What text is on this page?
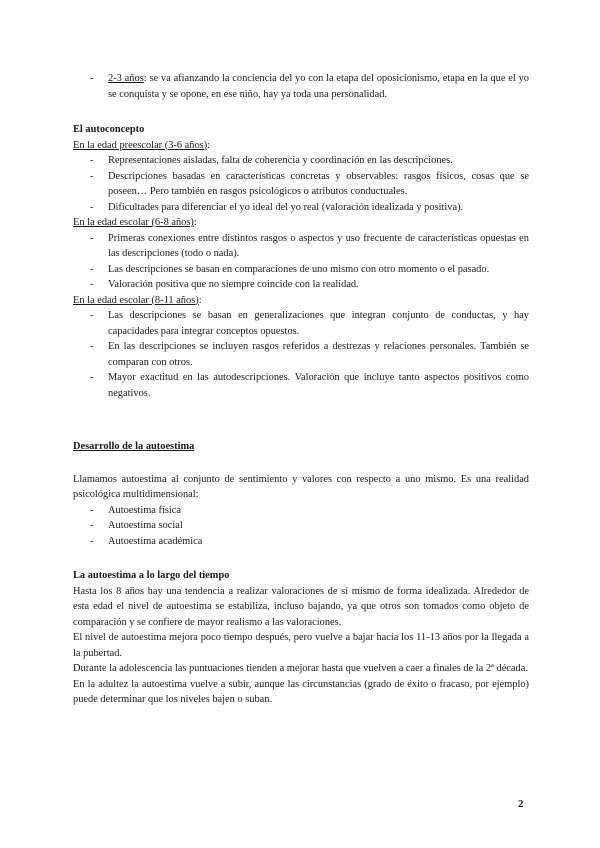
- 2-3 años: se va afianzando la conciencia del yo con la etapa del oposicionismo, etapa en la que el yo se conquista y se opone, en ese niño, hay ya toda una personalidad.
El autoconcepto
En la edad preescolar (3-6 años):
- Representaciones aisladas, falta de coherencia y coordinación en las descripciones.
- Descripciones basadas en características concretas y observables: rasgos físicos, cosas que se poseen… Pero también en rasgos psicológicos o atributos conductuales.
- Dificultades para diferenciar el yo ideal del yo real (valoración idealizada y positiva).
En la edad escolar (6-8 años):
- Primeras conexiones entre distintos rasgos o aspectos y uso frecuente de características opuestas en las descripciones (todo o nada).
- Las descripciones se basan en comparaciones de uno mismo con otro momento o el pasado.
- Valoración positiva que no siempre coincide con la realidad.
En la edad escolar (8-11 años):
- Las descripciones se basan en generalizaciones que integran conjunto de conductas, y hay capacidades para integrar conceptos opuestos.
- En las descripciones se incluyen rasgos referidos a destrezas y relaciones personales. También se comparan con otros.
- Mayor exactitud en las autodescripciones. Valoración que incluye tanto aspectos positivos como negativos.
Desarrollo de la autoestima

Llamamos autoestima al conjunto de sentimiento y valores con respecto a uno mismo. Es una realidad psicológica multidimensional:

- Autoestima física
- Autoestima social
- Autoestima académica
La autoestima a lo largo del tiempo

Hasta los 8 años hay una tendencia a realizar valoraciones de sí mismo de forma idealizada. Alrededor de esta edad el nivel de autoestima se estabiliza, incluso bajando, ya que otros son tomados como objeto de comparación y se confiere de mayor realismo a las valoraciones.

El nivel de autoestima mejora poco tiempo después, pero vuelve a bajar hacia los 11-13 años por la llegada a la pubertad.

Durante la adolescencia las puntuaciones tienden a mejorar hasta que vuelven a caer a finales de la 2ª década.

En la adultez la autoestima vuelve a subir, aunque las circunstancias (grado de éxito o fracaso, por ejemplo) puede determinar que los niveles bajen o suban.

2
